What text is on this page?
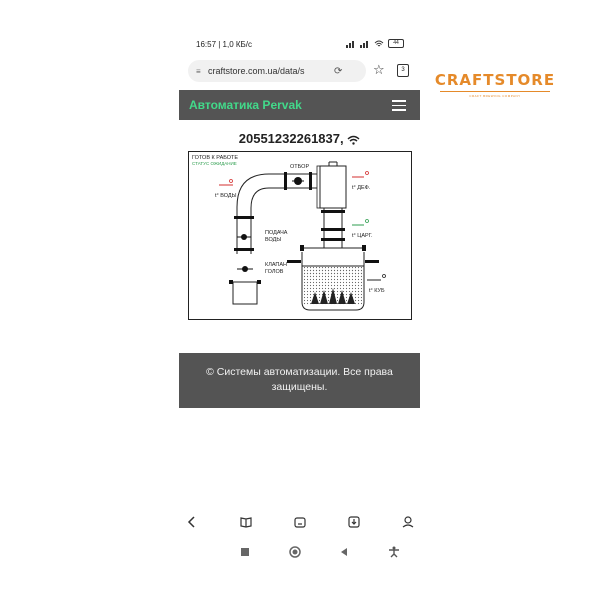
16:57 | 1,0 КБ/с	44
≡ craftstore.com.ua/data/s	⟳ ☆	3
CRAFTSTORE
CRAFT BREWING COMPANY
Автоматика Pervak
20551232261837,
ГОТОВ К РАБОТЕ
СТАТУС ОЖИДАНИЕ
ОТБОР
t° ВОДЫ
ПОДАЧА
ВОДЫ
КЛАПАН
ГОЛОВ
t° ДЕФ.
t° ЦАРГ.
t° КУБ
© Системы автоматизации. Все права защищены.
